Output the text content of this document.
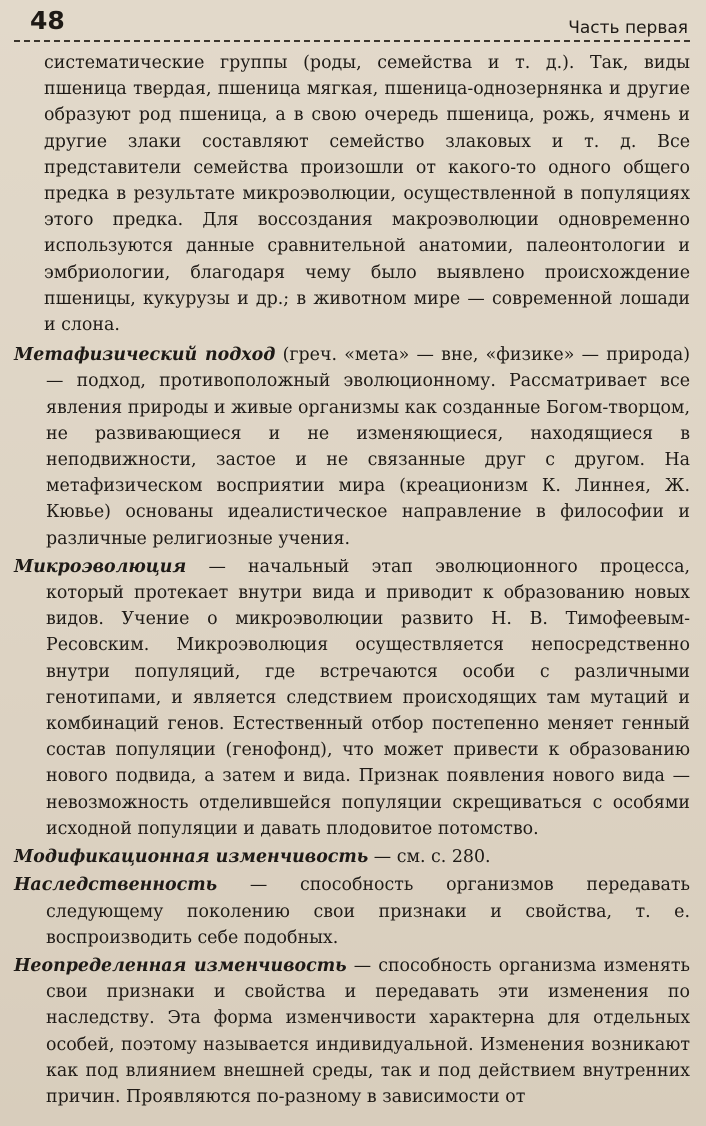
48	Часть первая

систематические группы (роды, семейства и т. д.). Так, виды пшеница твердая, пшеница мягкая, пшеница-однозернянка и другие образуют род пшеница, а в свою очередь пшеница, рожь, ячмень и другие злаки составляют семейство злаковых и т. д. Все представители семейства произошли от какого-то одного общего предка в результате микроэволюции, осуществленной в популяциях этого предка. Для воссоздания макроэволюции одновременно используются данные сравнительной анатомии, палеонтологии и эмбриологии, благодаря чему было выявлено происхождение пшеницы, кукурузы и др.; в животном мире — современной лошади и слона.

Метафизический подход (греч. «мета» — вне, «физике» — природа) — подход, противоположный эволюционному. Рассматривает все явления природы и живые организмы как созданные Богом-творцом, не развивающиеся и не изменяющиеся, находящиеся в неподвижности, застое и не связанные друг с другом. На метафизическом восприятии мира (креационизм К. Линнея, Ж. Кювье) основаны идеалистическое направление в философии и различные религиозные учения.

Микроэволюция — начальный этап эволюционного процесса, который протекает внутри вида и приводит к образованию новых видов. Учение о микроэволюции развито Н. В. Тимофеевым-Ресовским. Микроэволюция осуществляется непосредственно внутри популяций, где встречаются особи с различными генотипами, и является следствием происходящих там мутаций и комбинаций генов. Естественный отбор постепенно меняет генный состав популяции (генофонд), что может привести к образованию нового подвида, а затем и вида. Признак появления нового вида — невозможность отделившейся популяции скрещиваться с особями исходной популяции и давать плодовитое потомство.

Модификационная изменчивость — см. с. 280.

Наследственность — способность организмов передавать следующему поколению свои признаки и свойства, т. е. воспроизводить себе подобных.

Неопределенная изменчивость — способность организма изменять свои признаки и свойства и передавать эти изменения по наследству. Эта форма изменчивости характерна для отдельных особей, поэтому называется индивидуальной. Изменения возникают как под влиянием внешней среды, так и под действием внутренних причин. Проявляются по-разному в зависимости от
